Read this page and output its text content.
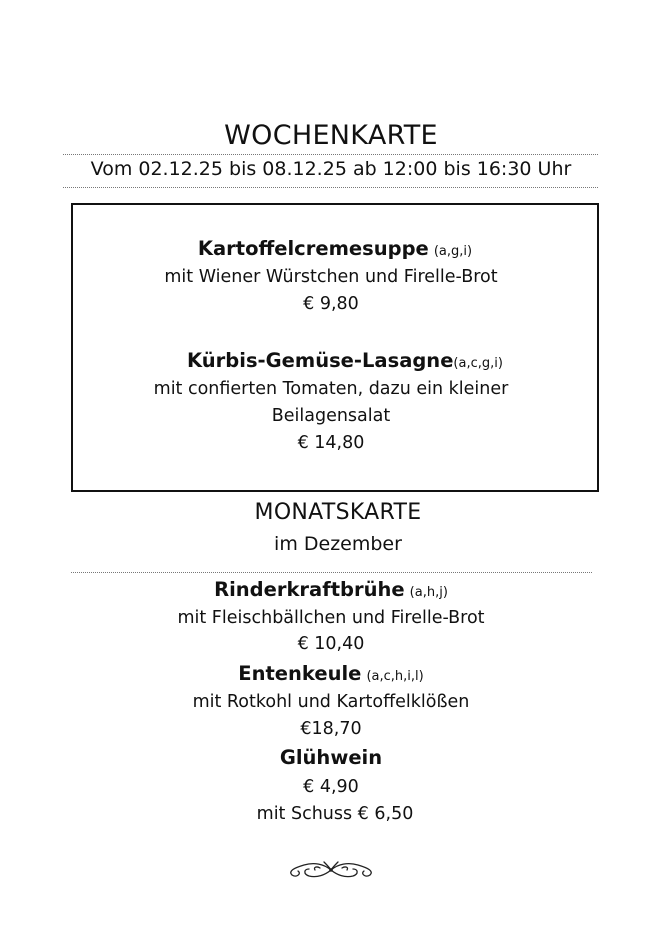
WOCHENKARTE
Vom 02.12.25 bis 08.12.25 ab 12:00 bis 16:30 Uhr
Kartoffelcremesuppe (a,g,i)
mit Wiener Würstchen und Firelle-Brot
€ 9,80
Kürbis-Gemüse-Lasagne(a,c,g,i)
mit confierten Tomaten, dazu ein kleiner
Beilagensalat
€ 14,80
MONATSKARTE
im Dezember
Rinderkraftbrühe (a,h,j)
mit Fleischbällchen und Firelle-Brot
€ 10,40
Entenkeule (a,c,h,i,l)
mit Rotkohl und Kartoffelklößen
€18,70
Glühwein
€ 4,90
mit Schuss € 6,50
